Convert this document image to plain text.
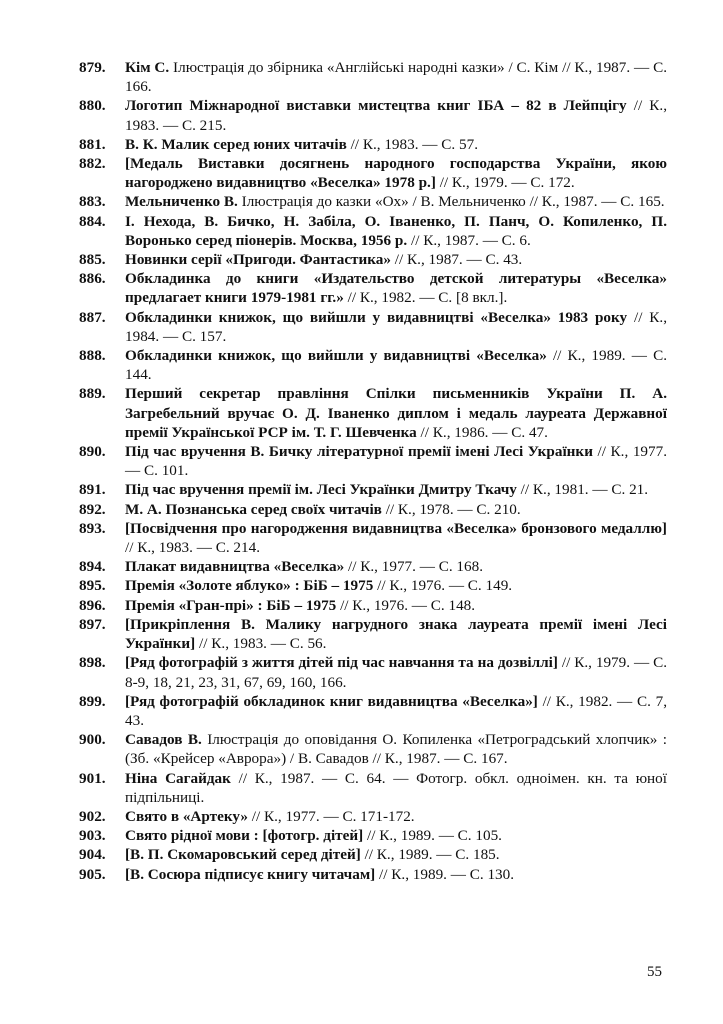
879. Кім С. Ілюстрація до збірника «Англійські народні казки» / С. Кім // К., 1987. — С. 166.
880. Логотип Міжнародної виставки мистецтва книг ІБА – 82 в Лейпцігу // К., 1983. — С. 215.
881. В. К. Малик серед юних читачів // К., 1983. — С. 57.
882. [Медаль Виставки досягнень народного господарства України, якою нагороджено видавництво «Веселка» 1978 р.] // К., 1979. — С. 172.
883. Мельниченко В. Ілюстрація до казки «Ох» / В. Мельниченко // К., 1987. — С. 165.
884. І. Нехода, В. Бичко, Н. Забіла, О. Іваненко, П. Панч, О. Копиленко, П. Воронько серед піонерів. Москва, 1956 р. // К., 1987. — С. 6.
885. Новинки серії «Пригоди. Фантастика» // К., 1987. — С. 43.
886. Обкладинка до книги «Издательство детской литературы «Веселка» предлагает книги 1979-1981 гг.» // К., 1982. — С. [8 вкл.].
887. Обкладинки книжок, що вийшли у видавництві «Веселка» 1983 року // К., 1984. — С. 157.
888. Обкладинки книжок, що вийшли у видавництві «Веселка» // К., 1989. — С. 144.
889. Перший секретар правління Спілки письменників України П. А. Загребельний вручає О. Д. Іваненко диплом і медаль лауреата Державної премії Української РСР ім. Т. Г. Шевченка // К., 1986. — С. 47.
890. Під час вручення В. Бичку літературної премії імені Лесі Українки // К., 1977. — С. 101.
891. Під час вручення премії ім. Лесі Українки Дмитру Ткачу // К., 1981. — С. 21.
892. М. А. Познанська серед своїх читачів // К., 1978. — С. 210.
893. [Посвідчення про нагородження видавництва «Веселка» бронзового медаллю] // К., 1983. — С. 214.
894. Плакат видавництва «Веселка» // К., 1977. — С. 168.
895. Премія «Золоте яблуко» : БіБ – 1975 // К., 1976. — С. 149.
896. Премія «Гран-прі» : БіБ – 1975 // К., 1976. — С. 148.
897. [Прикріплення В. Малику нагрудного знака лауреата премії імені Лесі Українки] // К., 1983. — С. 56.
898. [Ряд фотографій з життя дітей під час навчання та на дозвіллі] // К., 1979. — С. 8-9, 18, 21, 23, 31, 67, 69, 160, 166.
899. [Ряд фотографій обкладинок книг видавництва «Веселка»] // К., 1982. — С. 7, 43.
900. Савадов В. Ілюстрація до оповідання О. Копиленка «Петроградський хлопчик» : (Зб. «Крейсер «Аврора») / В. Савадов // К., 1987. — С. 167.
901. Ніна Сагайдак // К., 1987. — С. 64. — Фотогр. обкл. одноімен. кн. та юної підпільниці.
902. Свято в «Артеку» // К., 1977. — С. 171-172.
903. Свято рідної мови : [фотогр. дітей] // К., 1989. — С. 105.
904. [В. П. Скомаровський серед дітей] // К., 1989. — С. 185.
905. [В. Сосюра підписує книгу читачам] // К., 1989. — С. 130.
55
